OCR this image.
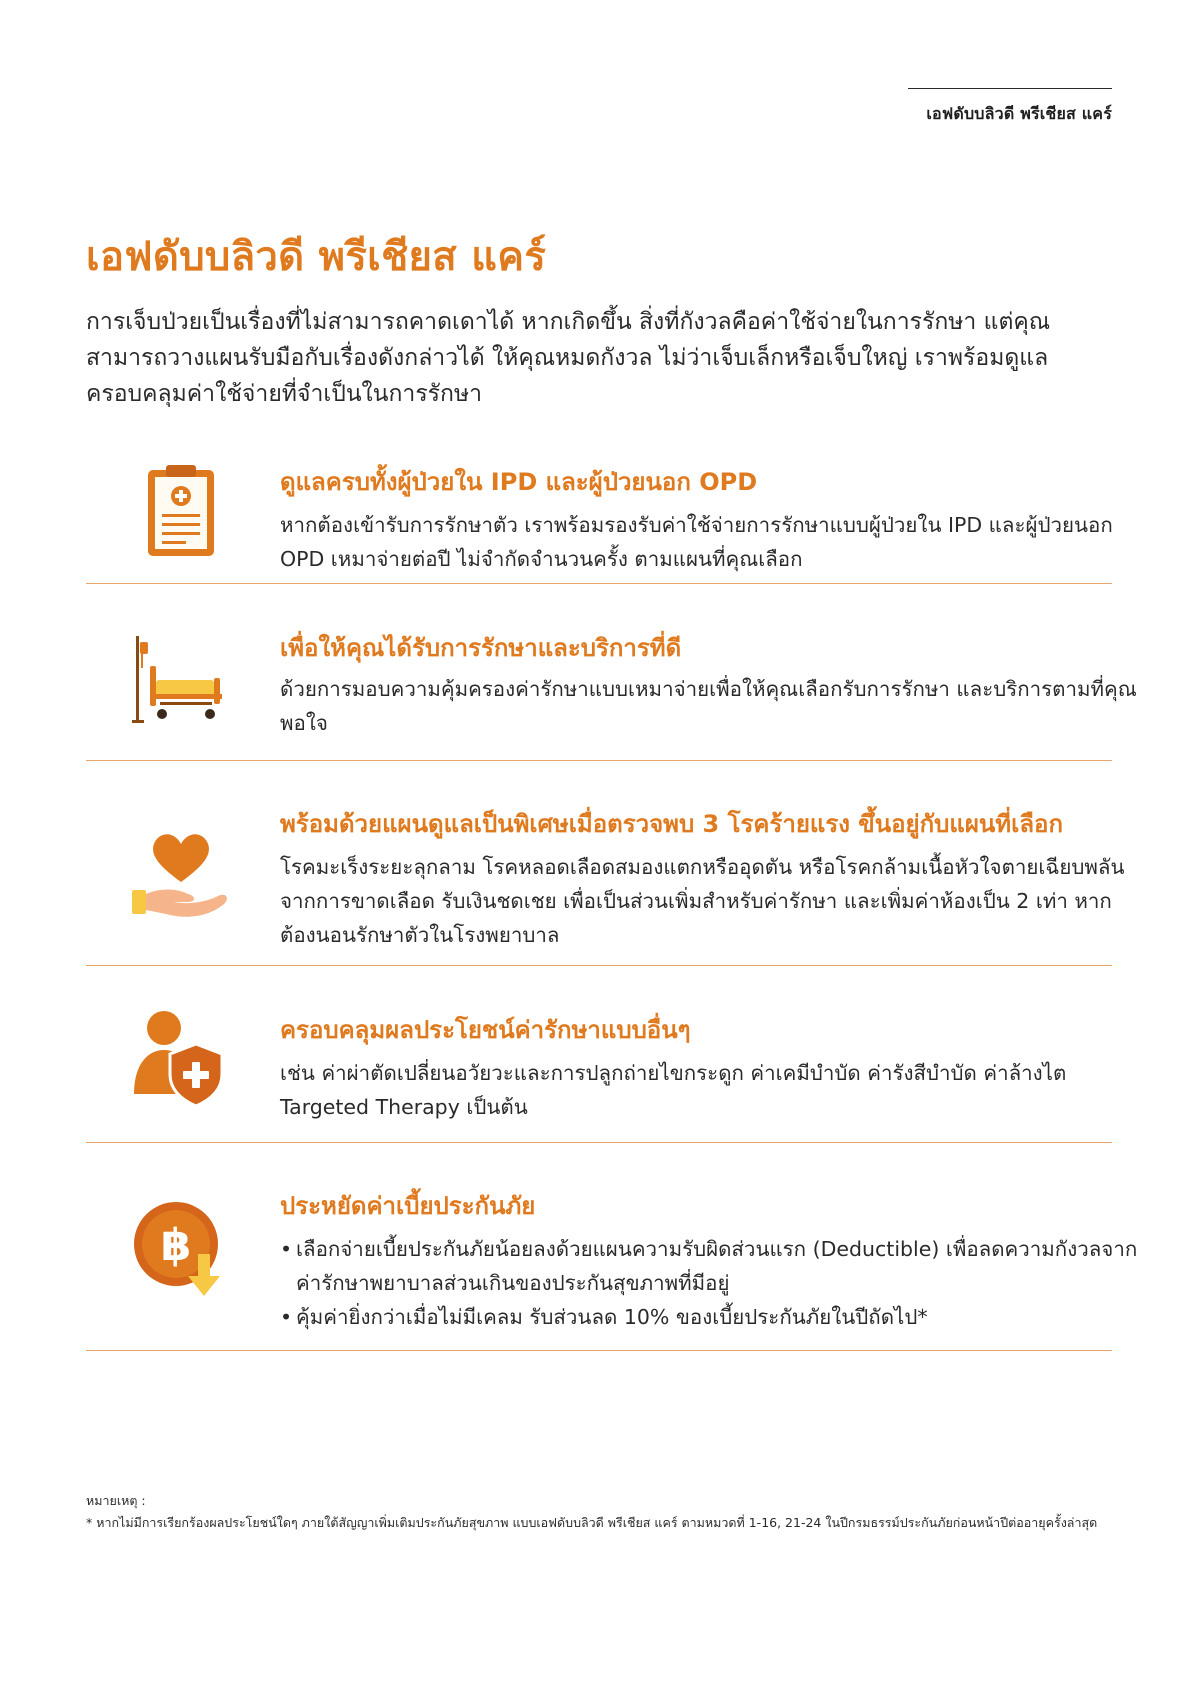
เอฟดับบลิวดี พรีเชียส แคร์
เอฟดับบลิวดี พรีเชียส แคร์

การเจ็บป่วยเป็นเรื่องที่ไม่สามารถคาดเดาได้ หากเกิดขึ้น สิ่งที่กังวลคือค่าใช้จ่ายในการรักษา แต่คุณสามารถวางแผนรับมือกับเรื่องดังกล่าวได้ ให้คุณหมดกังวล ไม่ว่าเจ็บเล็กหรือเจ็บใหญ่ เราพร้อมดูแลครอบคลุมค่าใช้จ่ายที่จำเป็นในการรักษา

ดูแลครบทั้งผู้ป่วยใน IPD และผู้ป่วยนอก OPD

หากต้องเข้ารับการรักษาตัว เราพร้อมรองรับค่าใช้จ่ายการรักษาแบบผู้ป่วยใน IPD และผู้ป่วยนอก OPD เหมาจ่ายต่อปี ไม่จำกัดจำนวนครั้ง ตามแผนที่คุณเลือก

เพื่อให้คุณได้รับการรักษาและบริการที่ดี

ด้วยการมอบความคุ้มครองค่ารักษาแบบเหมาจ่ายเพื่อให้คุณเลือกรับการรักษา และบริการตามที่คุณพอใจ

พร้อมด้วยแผนดูแลเป็นพิเศษเมื่อตรวจพบ 3 โรคร้ายแรง ขึ้นอยู่กับแผนที่เลือก

โรคมะเร็งระยะลุกลาม โรคหลอดเลือดสมองแตกหรืออุดตัน หรือโรคกล้ามเนื้อหัวใจตายเฉียบพลันจากการขาดเลือด รับเงินชดเชย เพื่อเป็นส่วนเพิ่มสำหรับค่ารักษา และเพิ่มค่าห้องเป็น 2 เท่า หากต้องนอนรักษาตัวในโรงพยาบาล

ครอบคลุมผลประโยชน์ค่ารักษาแบบอื่นๆ

เช่น ค่าผ่าตัดเปลี่ยนอวัยวะและการปลูกถ่ายไขกระดูก ค่าเคมีบำบัด ค่ารังสีบำบัด ค่าล้างไต Targeted Therapy เป็นต้น

฿
ประหยัดค่าเบี้ยประกันภัย
• เลือกจ่ายเบี้ยประกันภัยน้อยลงด้วยแผนความรับผิดส่วนแรก (Deductible) เพื่อลดความกังวลจากค่ารักษาพยาบาลส่วนเกินของประกันสุขภาพที่มีอยู่
• คุ้มค่ายิ่งกว่าเมื่อไม่มีเคลม รับส่วนลด 10% ของเบี้ยประกันภัยในปีถัดไป*

หมายเหตุ :

* หากไม่มีการเรียกร้องผลประโยชน์ใดๆ ภายใต้สัญญาเพิ่มเติมประกันภัยสุขภาพ แบบเอฟดับบลิวดี พรีเชียส แคร์ ตามหมวดที่ 1-16, 21-24 ในปีกรมธรรม์ประกันภัยก่อนหน้าปีต่ออายุครั้งล่าสุด
